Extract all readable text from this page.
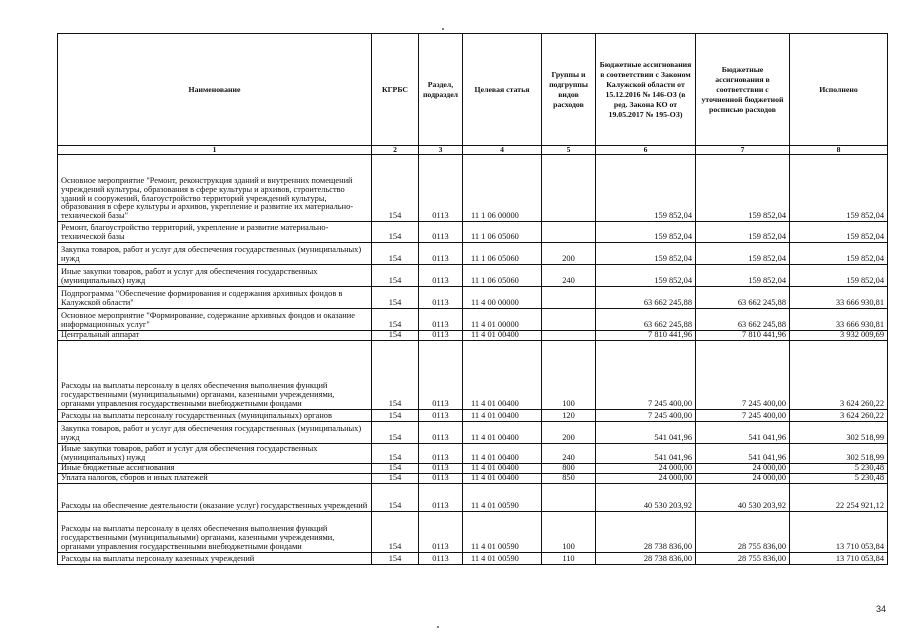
Наименование	КГРБС	Раздел, подраздел	Целевая статья	Группы и подгруппы видов расходов	Бюджетные ассигнования в соответствии с Законом Калужской области от 15.12.2016 № 146-ОЗ (в ред. Закона КО от 19.05.2017 № 195-ОЗ)	Бюджетные ассигнования в соответствии с уточненной бюджетной росписью расходов	Исполнено
1	2	3	4	5	6	7	8
Основное мероприятие "Ремонт, реконструкция зданий и внутренних помещений учреждений культуры, образования в сфере культуры и архивов, строительство зданий и сооружений, благоустройство территорий учреждений культуры, образования в сфере культуры и архивов, укрепление и развитие их материально-технической базы"	154	0113	11 1 06 00000		159 852,04	159 852,04	159 852,04
Ремонт, благоустройство территорий, укрепление и развитие материально-технической базы	154	0113	11 1 06 05060		159 852,04	159 852,04	159 852,04
Закупка товаров, работ и услуг для обеспечения государственных (муниципальных) нужд	154	0113	11 1 06 05060	200	159 852,04	159 852,04	159 852,04
Иные закупки товаров, работ и услуг для обеспечения государственных (муниципальных) нужд	154	0113	11 1 06 05060	240	159 852,04	159 852,04	159 852,04
Подпрограмма "Обеспечение формирования и содержания архивных фондов в Калужской области"	154	0113	11 4 00 00000		63 662 245,88	63 662 245,88	33 666 930,81
Основное мероприятие "Формирование, содержание архивных фондов и оказание информационных услуг"	154	0113	11 4 01 00000		63 662 245,88	63 662 245,88	33 666 930,81
Центральный аппарат	154	0113	11 4 01 00400		7 810 441,96	7 810 441,96	3 932 009,69
Расходы на выплаты персоналу в целях обеспечения выполнения функций государственными (муниципальными) органами, казенными учреждениями, органами управления государственными внебюджетными фондами	154	0113	11 4 01 00400	100	7 245 400,00	7 245 400,00	3 624 260,22
Расходы на выплаты персоналу государственных (муниципальных) органов	154	0113	11 4 01 00400	120	7 245 400,00	7 245 400,00	3 624 260,22
Закупка товаров, работ и услуг для обеспечения государственных (муниципальных) нужд	154	0113	11 4 01 00400	200	541 041,96	541 041,96	302 518,99
Иные закупки товаров, работ и услуг для обеспечения государственных (муниципальных) нужд	154	0113	11 4 01 00400	240	541 041,96	541 041,96	302 518,99
Иные бюджетные ассигнования	154	0113	11 4 01 00400	800	24 000,00	24 000,00	5 230,48
Уплата налогов, сборов и иных платежей	154	0113	11 4 01 00400	850	24 000,00	24 000,00	5 230,48
Расходы на обеспечение деятельности (оказание услуг) государственных учреждений	154	0113	11 4 01 00590		40 530 203,92	40 530 203,92	22 254 921,12
Расходы на выплаты персоналу в целях обеспечения выполнения функций государственными (муниципальными) органами, казенными учреждениями, органами управления государственными внебюджетными фондами	154	0113	11 4 01 00590	100	28 738 836,00	28 755 836,00	13 710 053,84
Расходы на выплаты персоналу казенных учреждений	154	0113	11 4 01 00590	110	28 738 836,00	28 755 836,00	13 710 053,84
34
